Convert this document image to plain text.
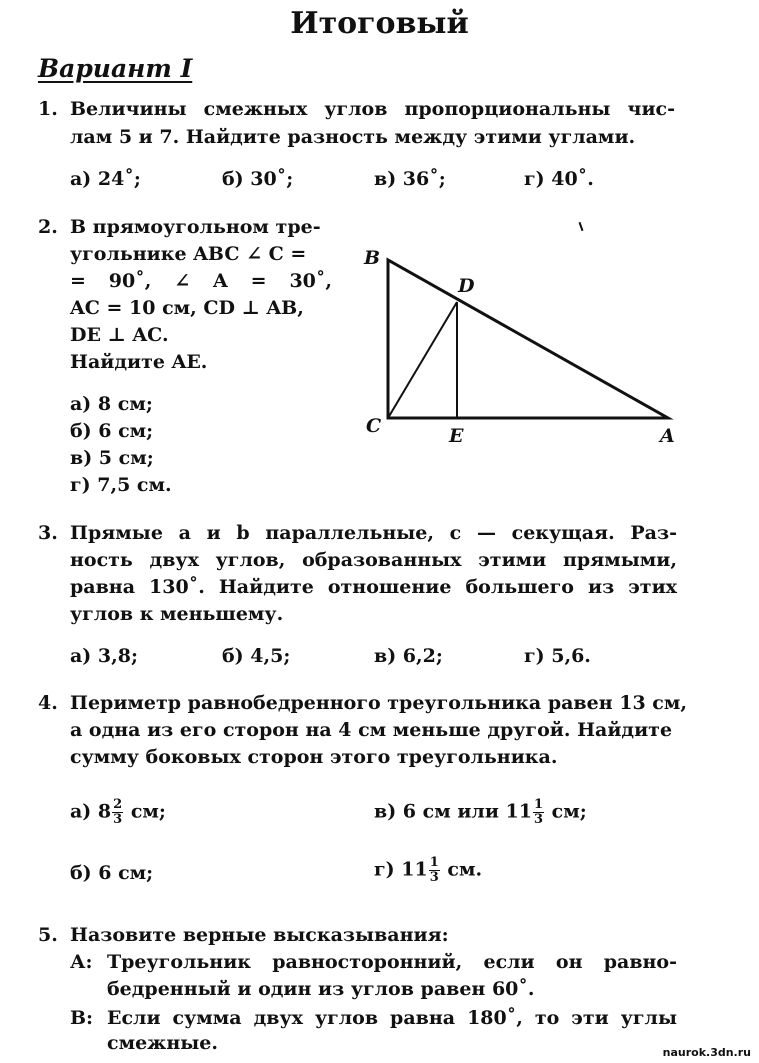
Итоговый
Вариант I
1. Величины смежных углов пропорциональны чис-
лам 5 и 7. Найдите разность между этими углами.
а) 24˚;	б) 30˚;	в) 36˚;	г) 40˚.
2. В прямоугольном тре-
угольнике ABC ∠ C =
= 90˚, ∠ A = 30˚,
AC = 10 см, CD ⊥ AB,
DE ⊥ AC.
Найдите AE.
а) 8 см;
б) 6 см;
в) 5 см;
г) 7,5 см.
B
D
C	E	A
3. Прямые a и b параллельные, c — секущая. Раз-
ность двух углов, образованных этими прямыми,
равна 130˚. Найдите отношение большего из этих
углов к меньшему.
а) 3,8;	б) 4,5;	в) 6,2;	г) 5,6.
4. Периметр равнобедренного треугольника равен 13 см,
а одна из его сторон на 4 см меньше другой. Найдите
сумму боковых сторон этого треугольника.
а) $8 \frac{2}{3}$ см;	в) 6 см или $11 \frac{1}{3}$ см;
б) 6 см;	г) $11 \frac{1}{3}$ см.
5. Назовите верные высказывания:
А: Треугольник равносторонний, если он равно-
бедренный и один из углов равен 60˚.
В: Если сумма двух углов равна 180˚, то эти углы
смежные.	naurok.3dn.ru
